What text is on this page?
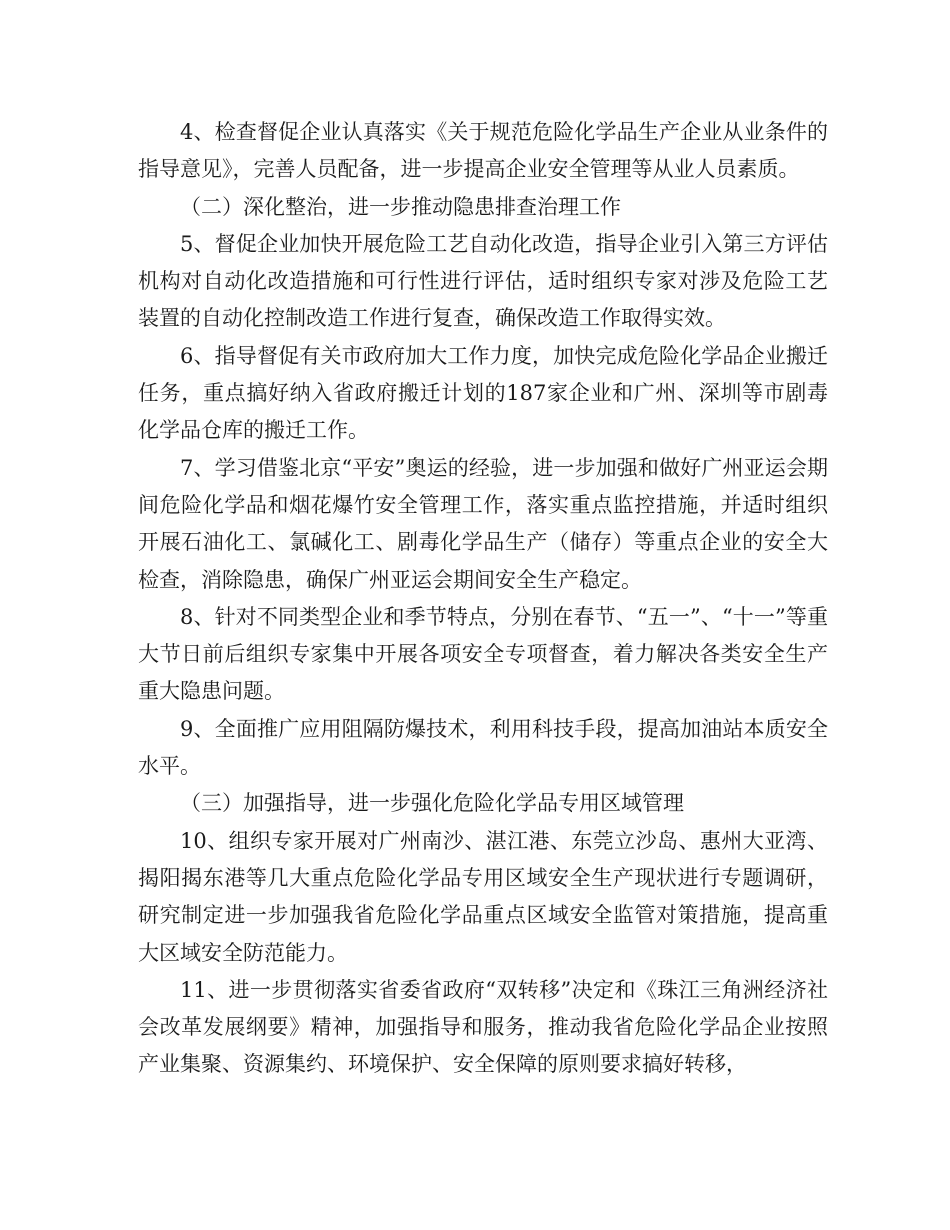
4、检查督促企业认真落实《关于规范危险化学品生产企业从业条件的指导意见》，完善人员配备，进一步提高企业安全管理等从业人员素质。

（二）深化整治，进一步推动隐患排查治理工作

5、督促企业加快开展危险工艺自动化改造，指导企业引入第三方评估机构对自动化改造措施和可行性进行评估，适时组织专家对涉及危险工艺装置的自动化控制改造工作进行复查，确保改造工作取得实效。

6、指导督促有关市政府加大工作力度，加快完成危险化学品企业搬迁任务，重点搞好纳入省政府搬迁计划的187家企业和广州、深圳等市剧毒化学品仓库的搬迁工作。

7、学习借鉴北京“平安”奥运的经验，进一步加强和做好广州亚运会期间危险化学品和烟花爆竹安全管理工作，落实重点监控措施，并适时组织开展石油化工、氯碱化工、剧毒化学品生产（储存）等重点企业的安全大检查，消除隐患，确保广州亚运会期间安全生产稳定。

8、针对不同类型企业和季节特点，分别在春节、“五一”、“十一”等重大节日前后组织专家集中开展各项安全专项督查，着力解决各类安全生产重大隐患问题。

9、全面推广应用阻隔防爆技术，利用科技手段，提高加油站本质安全水平。

（三）加强指导，进一步强化危险化学品专用区域管理

10、组织专家开展对广州南沙、湛江港、东莞立沙岛、惠州大亚湾、揭阳揭东港等几大重点危险化学品专用区域安全生产现状进行专题调研，研究制定进一步加强我省危险化学品重点区域安全监管对策措施，提高重大区域安全防范能力。

11、进一步贯彻落实省委省政府“双转移”决定和《珠江三角洲经济社会改革发展纲要》精神，加强指导和服务，推动我省危险化学品企业按照产业集聚、资源集约、环境保护、安全保障的原则要求搞好转移，
